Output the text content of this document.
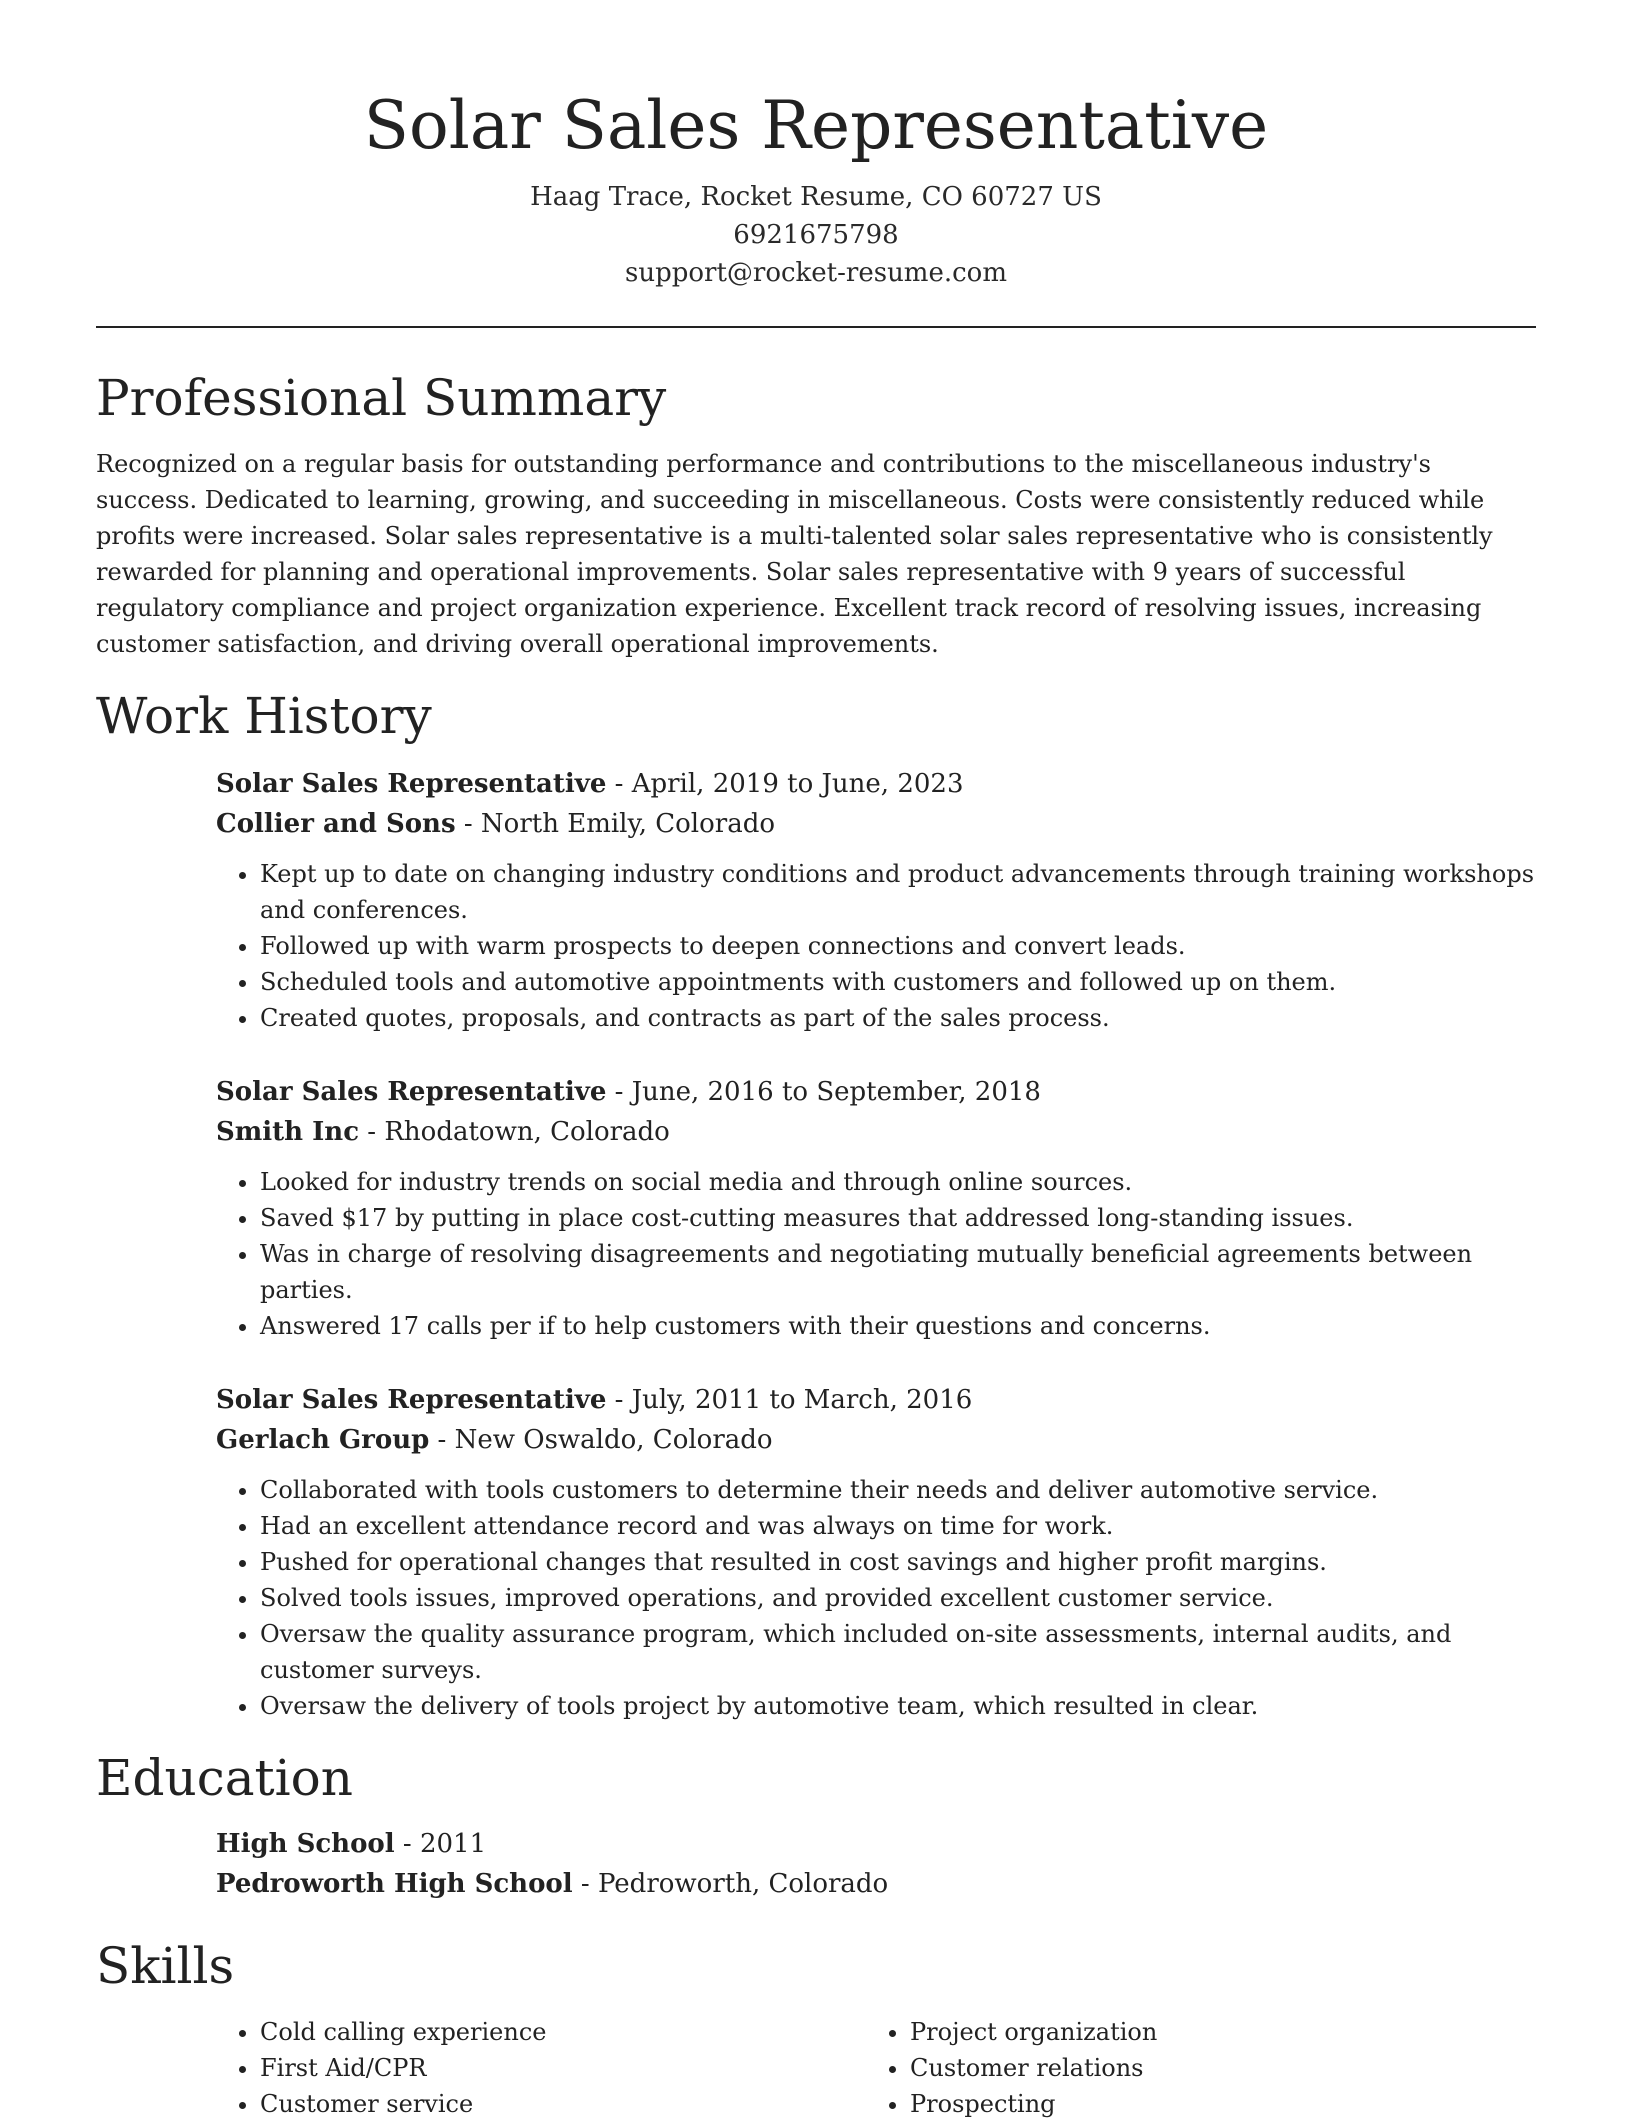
Solar Sales Representative

Haag Trace, Rocket Resume, CO 60727 US

6921675798

support@rocket-resume.com

Professional Summary

Recognized on a regular basis for outstanding performance and contributions to the miscellaneous industry's success. Dedicated to learning, growing, and succeeding in miscellaneous. Costs were consistently reduced while profits were increased. Solar sales representative is a multi-talented solar sales representative who is consistently rewarded for planning and operational improvements. Solar sales representative with 9 years of successful regulatory compliance and project organization experience. Excellent track record of resolving issues, increasing customer satisfaction, and driving overall operational improvements.

Work History

Solar Sales Representative - April, 2019 to June, 2023

Collier and Sons - North Emily, Colorado

• Kept up to date on changing industry conditions and product advancements through training workshops and conferences.
• Followed up with warm prospects to deepen connections and convert leads.
• Scheduled tools and automotive appointments with customers and followed up on them.
• Created quotes, proposals, and contracts as part of the sales process.

Solar Sales Representative - June, 2016 to September, 2018

Smith Inc - Rhodatown, Colorado

• Looked for industry trends on social media and through online sources.
• Saved $17 by putting in place cost-cutting measures that addressed long-standing issues.
• Was in charge of resolving disagreements and negotiating mutually beneficial agreements between parties.
• Answered 17 calls per if to help customers with their questions and concerns.

Solar Sales Representative - July, 2011 to March, 2016

Gerlach Group - New Oswaldo, Colorado

• Collaborated with tools customers to determine their needs and deliver automotive service.
• Had an excellent attendance record and was always on time for work.
• Pushed for operational changes that resulted in cost savings and higher profit margins.
• Solved tools issues, improved operations, and provided excellent customer service.
• Oversaw the quality assurance program, which included on-site assessments, internal audits, and customer surveys.
• Oversaw the delivery of tools project by automotive team, which resulted in clear.
Education

High School - 2011

Pedroworth High School - Pedroworth, Colorado

Skills
• Cold calling experience
• First Aid/CPR
• Customer service
• Project organization
• Customer relations
• Prospecting
